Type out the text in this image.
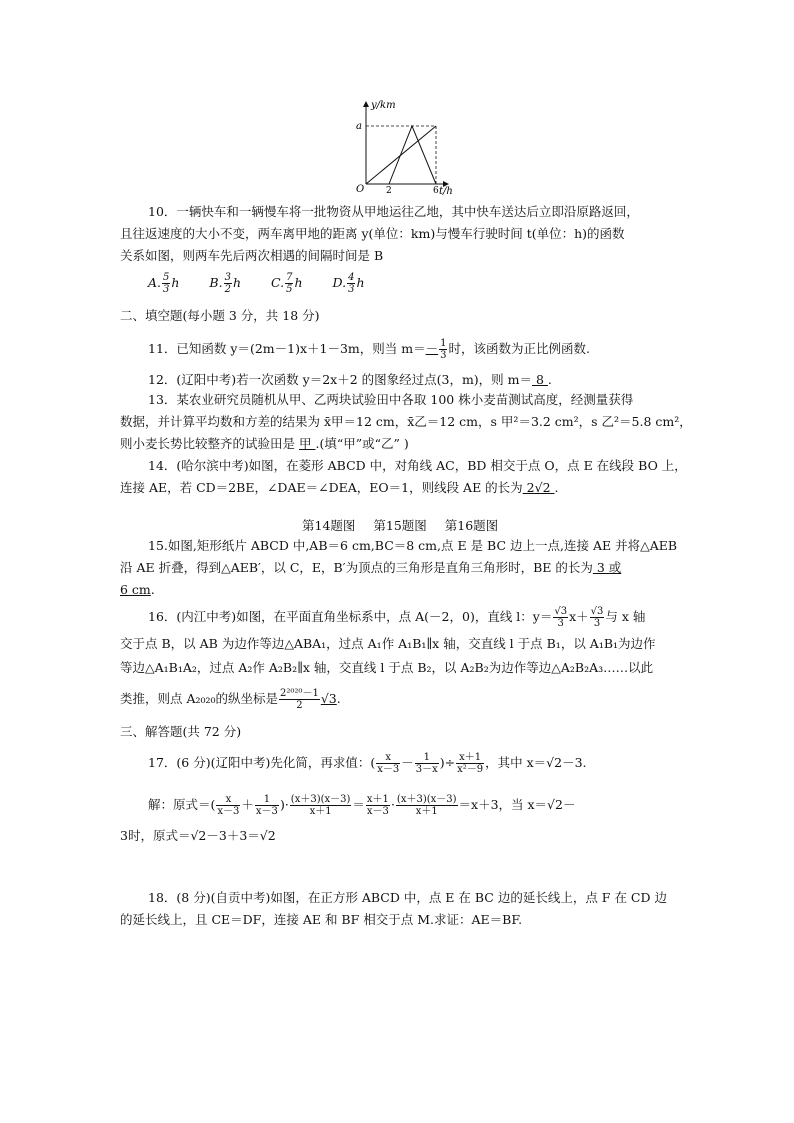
y/km
t/h
O
a
2	6
10．一辆快车和一辆慢车将一批物资从甲地运往乙地，其中快车送达后立即沿原路返回，
且往返速度的大小不变，两车离甲地的距离 y(单位：km)与慢车行驶时间 t(单位：h)的函数
关系如图，则两车先后两次相遇的间隔时间是 B
A. $\frac{5}{3}$ h B. $\frac{3}{2}$ h C. $\frac{7}{5}$ h D. $\frac{4}{3}$ h
二、填空题(每小题 3 分，共 18 分)
11．已知函数 y＝(2m－1)x＋1－3m，则当 $m=- \frac{1}{3}$ 时，该函数为正比例函数.
12．(辽阳中考)若一次函数 y＝2x＋2 的图象经过点(3，m)，则 m＝ 8 .
13．某农业研究员随机从甲、乙两块试验田中各取 100 株小麦苗测试高度，经测量获得
数据，并计算平均数和方差的结果为 x̄甲＝12 cm，x̄乙＝12 cm，s 甲²＝3.2 cm²，s 乙²＝5.8 cm²，
则小麦长势比较整齐的试验田是 甲 .(填“甲”或“乙” )
14．(哈尔滨中考)如图，在菱形 ABCD 中，对角线 AC，BD 相交于点 O，点 E 在线段 BO 上，
连接 AE，若 CD＝2BE，∠DAE＝∠DEA，EO＝1，则线段 AE 的长为 2√2 .
第14题图 第15题图 第16题图
15.如图,矩形纸片 ABCD 中,AB＝6 cm,BC＝8 cm,点 E 是 BC 边上一点,连接 AE 并将△AEB
沿 AE 折叠，得到△AEB′，以 C，E，B′为顶点的三角形是直角三角形时，BE 的长为 3 或
6 cm.
16．(内江中考)如图，在平面直角坐标系中，点 A(－2，0)，直线 l：$y= \frac{√3}{3} x+ \frac{√3}{3}$ 与 x 轴
交于点 B，以 AB 为边作等边△ABA₁，过点 A₁作 A₁B₁∥x 轴，交直线 l 于点 B₁，以 A₁B₁为边作
等边△A₁B₁A₂，过点 A₂作 A₂B₂∥x 轴，交直线 l 于点 B₂，以 A₂B₂为边作等边△A₂B₂A₃……以此
类推，则点 A₂₀₂₀的纵坐标是 $\frac{\text{2²⁰²⁰－1}}{2} √3$.
三、解答题(共 72 分)
17．(6 分)(辽阳中考)先化简，再求值：( $\frac{x}{x-3} - \frac{1}{3-x}$ )÷ $\frac{x+1}{\text{x²－9}}$ ，其中 x＝√2－3.
解：原式＝( $\frac{x}{x-3} + \frac{1}{x-3}$ )· $\frac{(x+3)(x-3)}{x+1} = \frac{x+1}{x-3} \cdot \frac{(x+3)(x-3)}{x+1} =x+3$，当 x＝√2－
3时，原式＝√2－3＋3＝√2
18．(8 分)(自贡中考)如图，在正方形 ABCD 中，点 E 在 BC 边的延长线上，点 F 在 CD 边
的延长线上，且 CE＝DF，连接 AE 和 BF 相交于点 M.求证：AE＝BF.
